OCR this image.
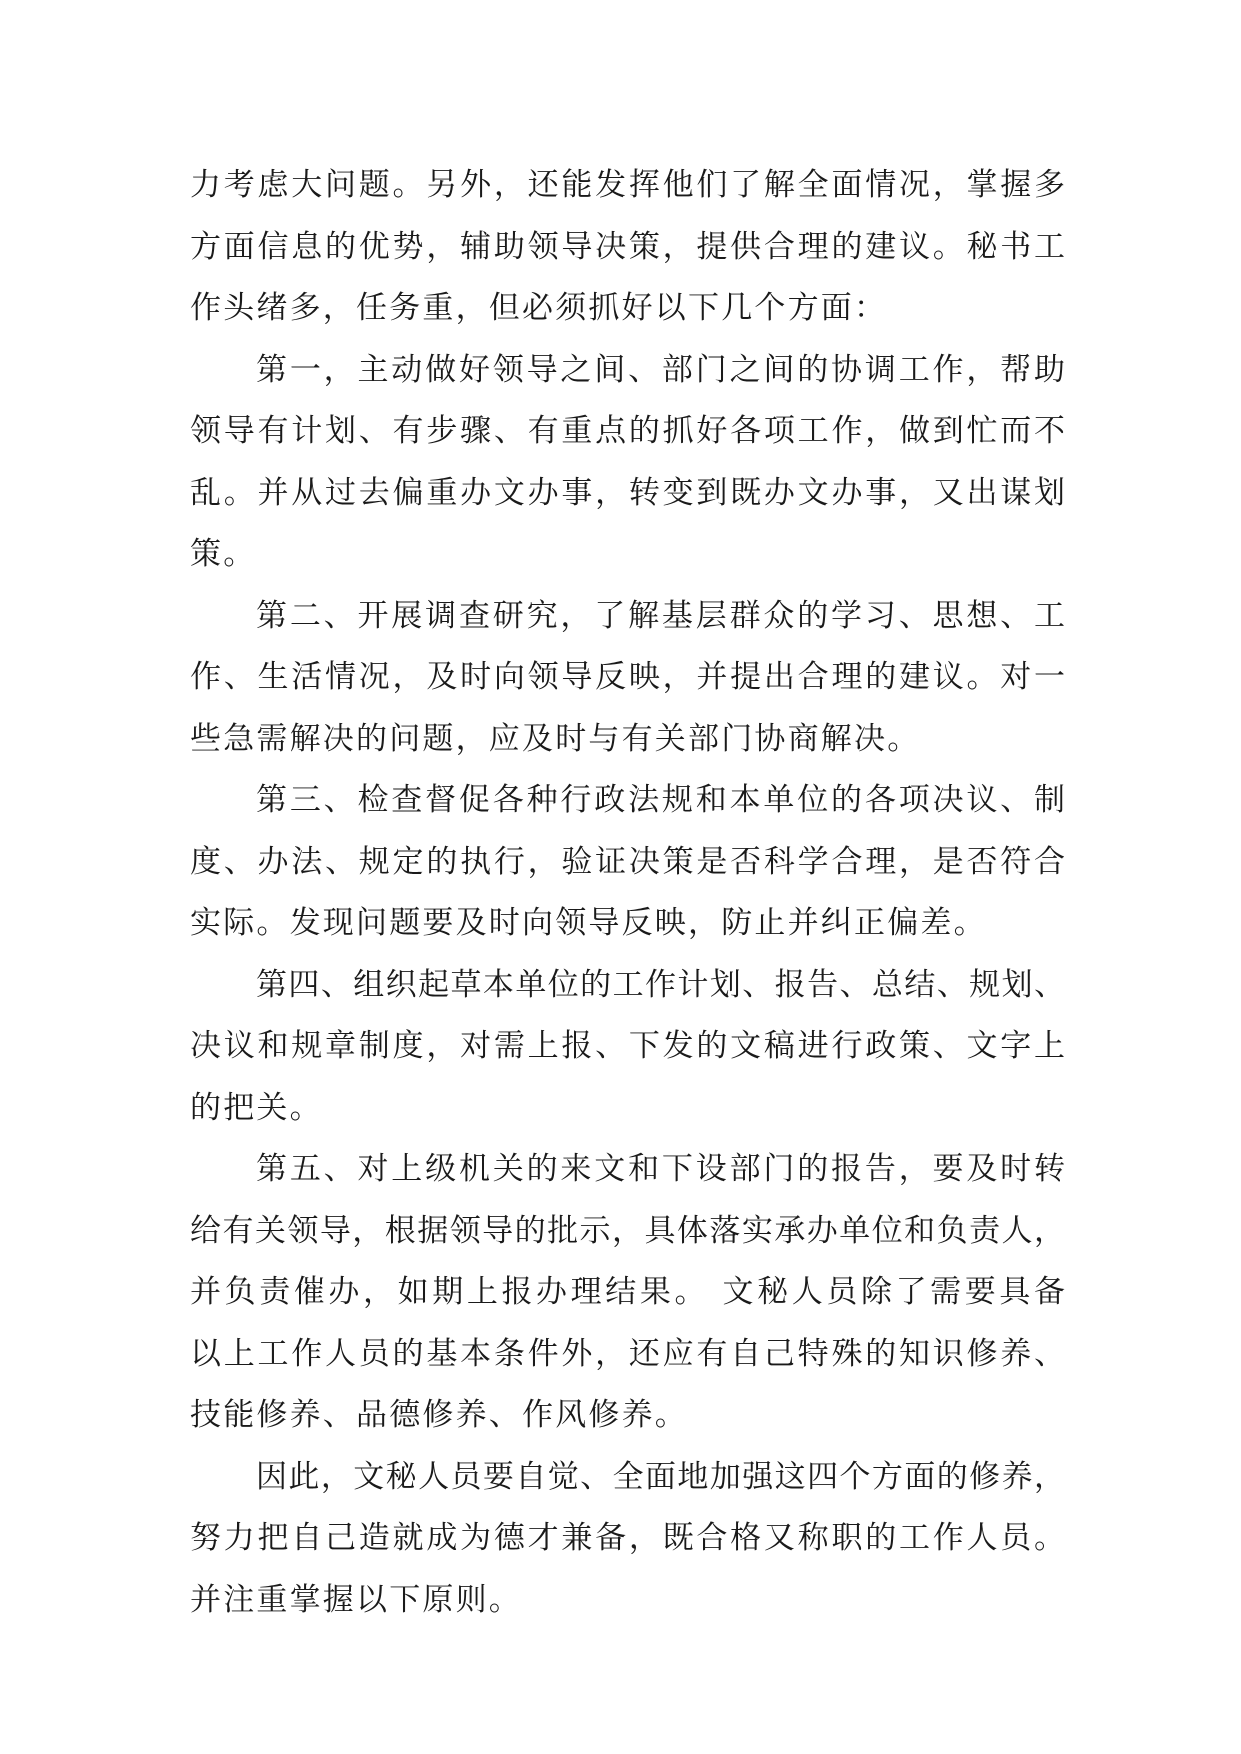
力考虑大问题。另外，还能发挥他们了解全面情况，掌握多
方面信息的优势，辅助领导决策，提供合理的建议。秘书工
作头绪多，任务重，但必须抓好以下几个方面：
第一，主动做好领导之间、部门之间的协调工作，帮助
领导有计划、有步骤、有重点的抓好各项工作，做到忙而不
乱。并从过去偏重办文办事，转变到既办文办事，又出谋划
策。
第二、开展调查研究，了解基层群众的学习、思想、工
作、生活情况，及时向领导反映，并提出合理的建议。对一
些急需解决的问题，应及时与有关部门协商解决。
第三、检查督促各种行政法规和本单位的各项决议、制
度、办法、规定的执行，验证决策是否科学合理，是否符合
实际。发现问题要及时向领导反映，防止并纠正偏差。
第四、组织起草本单位的工作计划、报告、总结、规划、
决议和规章制度，对需上报、下发的文稿进行政策、文字上
的把关。
第五、对上级机关的来文和下设部门的报告，要及时转
给有关领导，根据领导的批示，具体落实承办单位和负责人，
并负责催办，如期上报办理结果。 文秘人员除了需要具备
以上工作人员的基本条件外，还应有自己特殊的知识修养、
技能修养、品德修养、作风修养。
因此，文秘人员要自觉、全面地加强这四个方面的修养，
努力把自己造就成为德才兼备，既合格又称职的工作人员。
并注重掌握以下原则。
